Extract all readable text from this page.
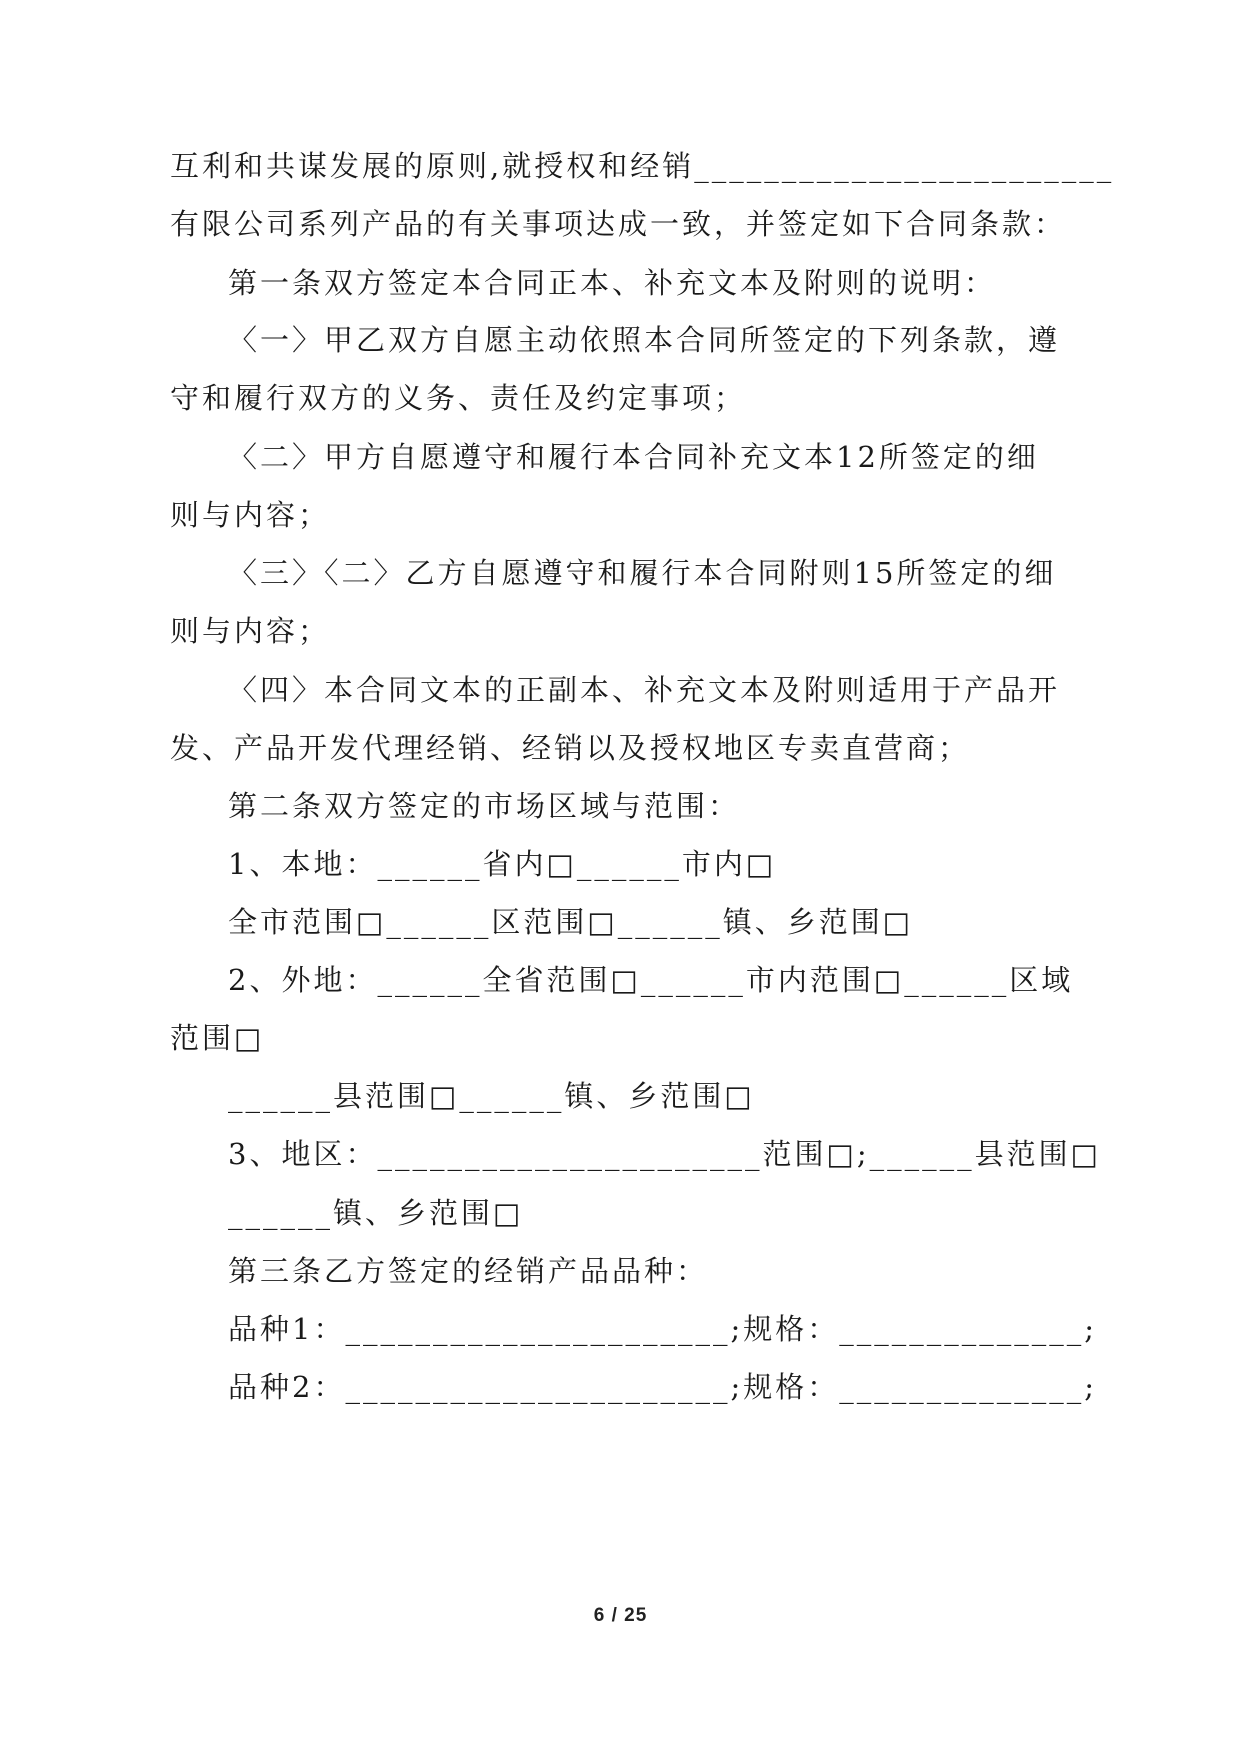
互利和共谋发展的原则,就授权和经销________________________
有限公司系列产品的有关事项达成一致，并签定如下合同条款：
第一条双方签定本合同正本、补充文本及附则的说明：
〈一〉甲乙双方自愿主动依照本合同所签定的下列条款，遵
守和履行双方的义务、责任及约定事项；
〈二〉甲方自愿遵守和履行本合同补充文本12所签定的细
则与内容；
〈三〉〈二〉乙方自愿遵守和履行本合同附则15所签定的细
则与内容；
〈四〉本合同文本的正副本、补充文本及附则适用于产品开
发、产品开发代理经销、经销以及授权地区专卖直营商；
第二条双方签定的市场区域与范围：
1、本地：______省内□______市内□
全市范围□______区范围□______镇、乡范围□
2、外地：______全省范围□______市内范围□______区域
范围□
______县范围□______镇、乡范围□
3、地区：______________________范围□;______县范围□
______镇、乡范围□
第三条乙方签定的经销产品品种：
品种1：______________________;规格：______________;
品种2：______________________;规格：______________;
6 / 25
